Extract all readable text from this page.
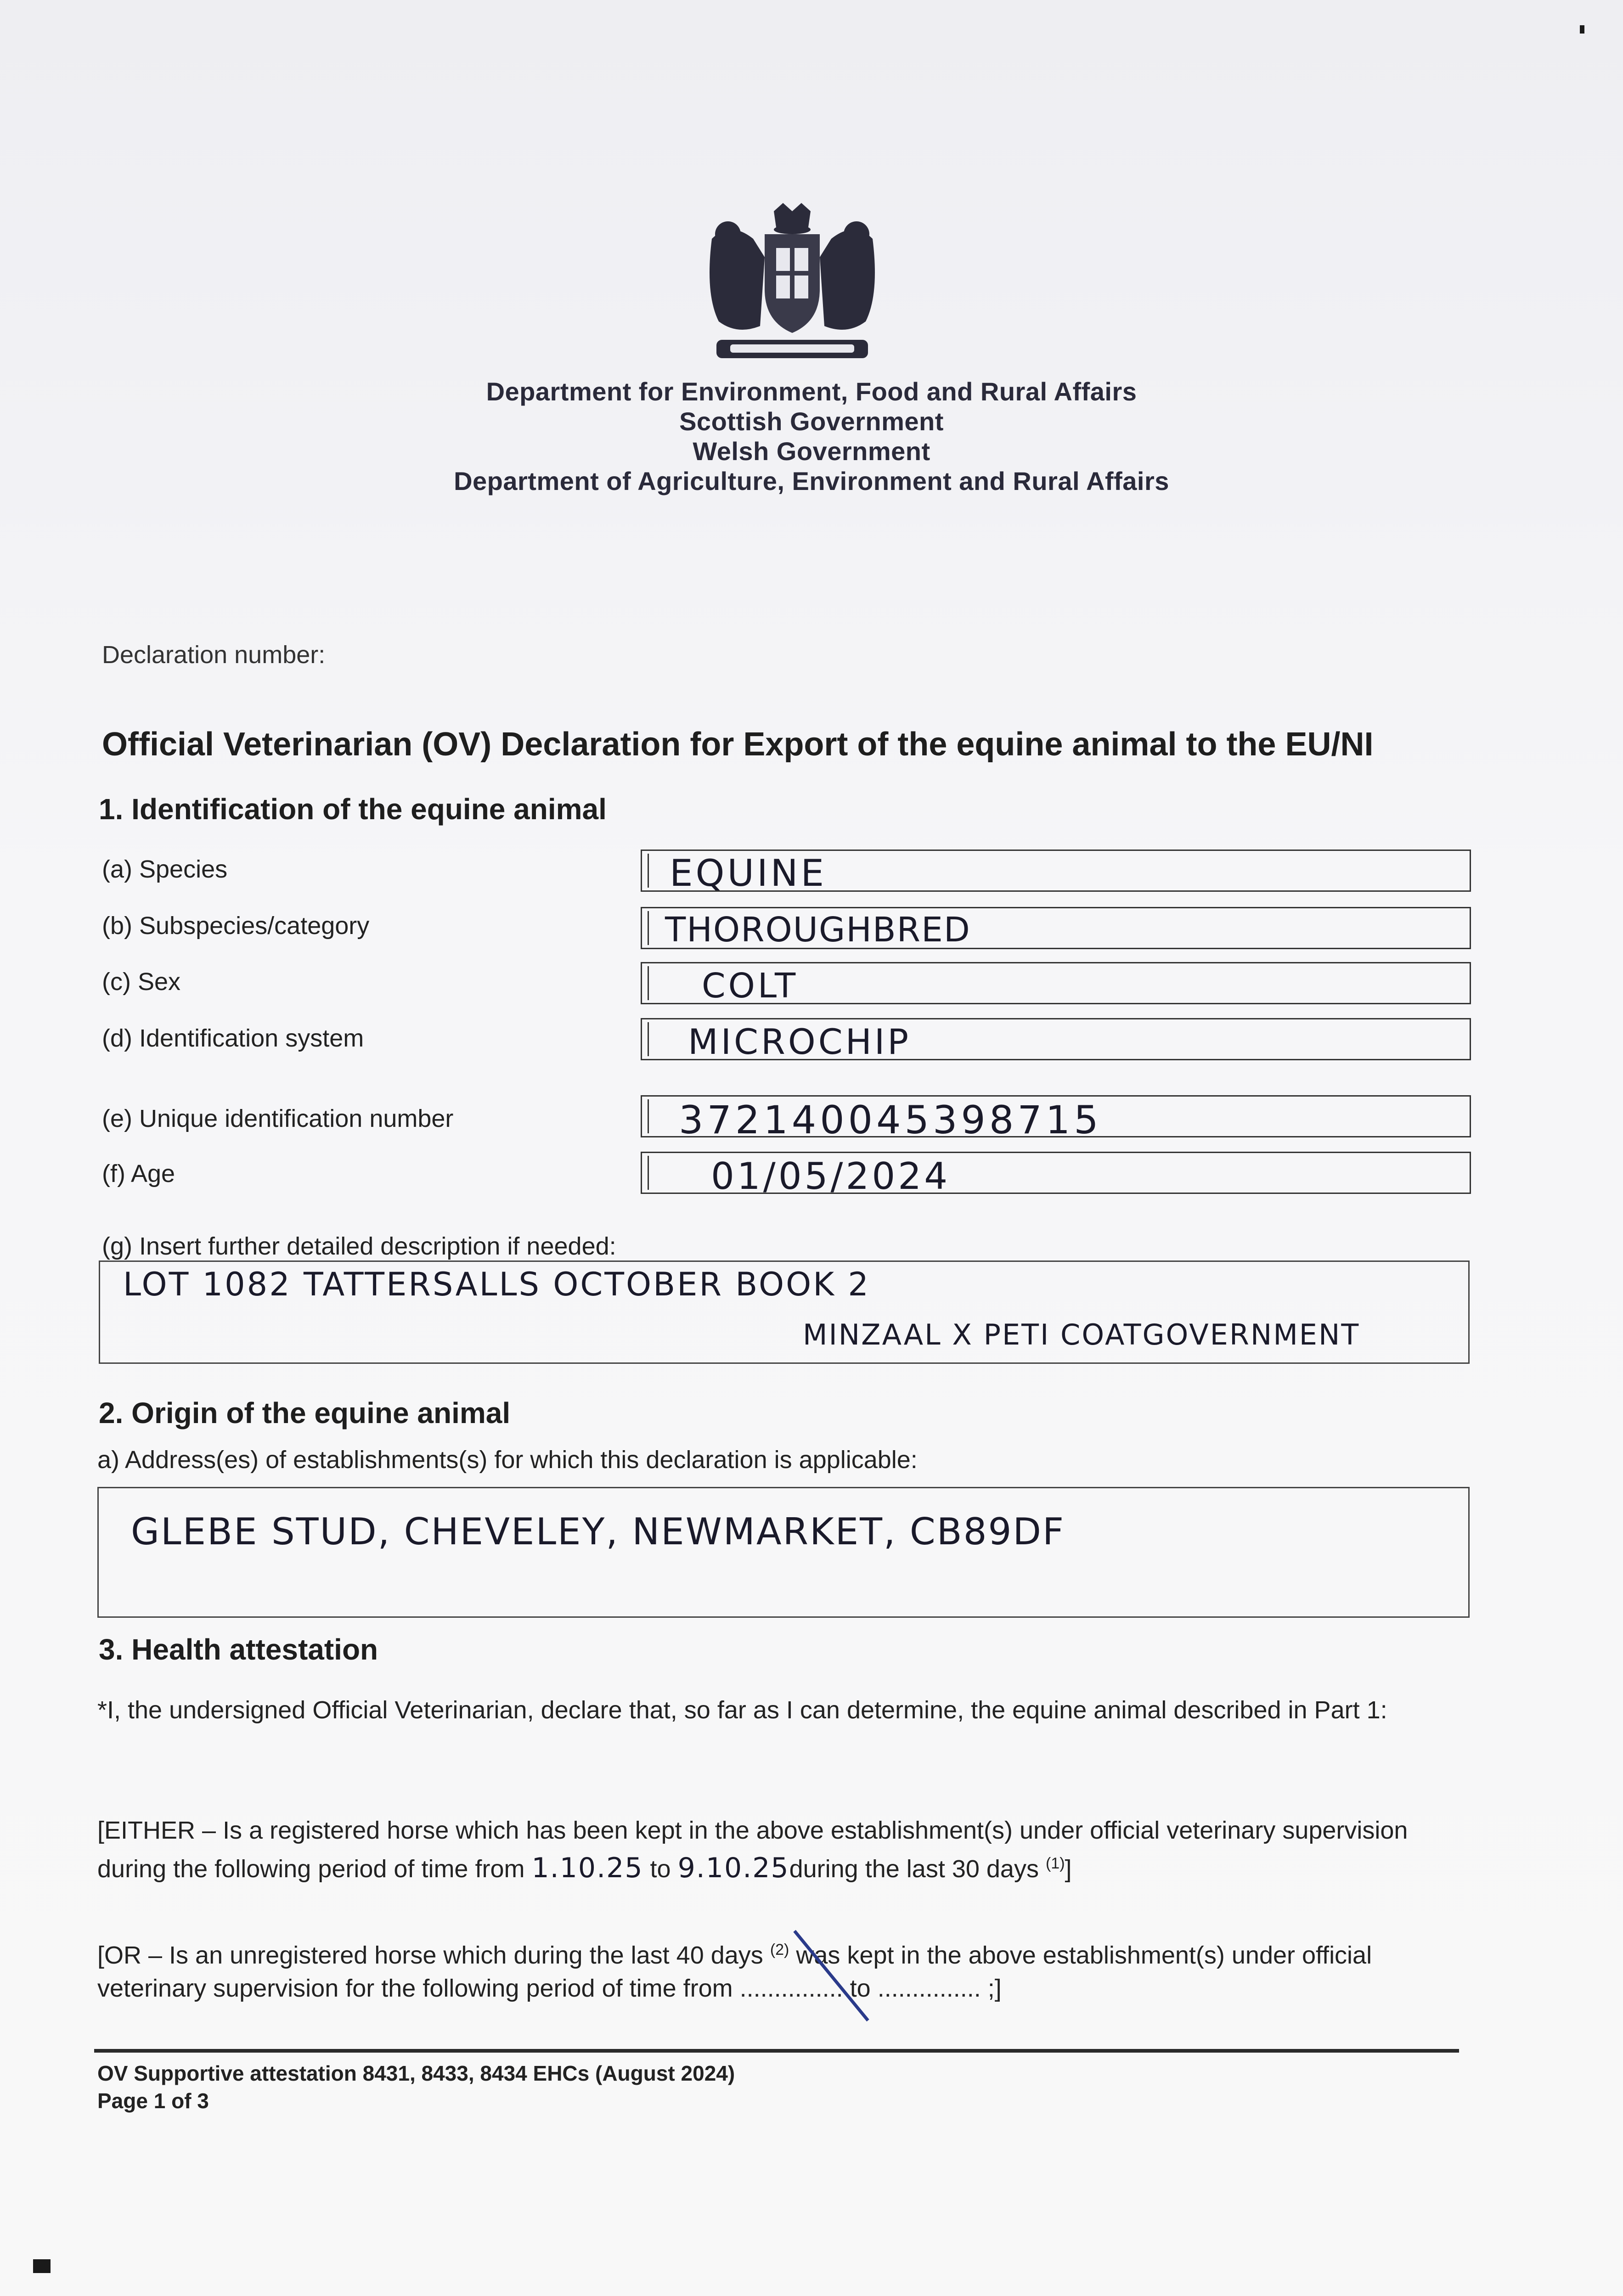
Department for Environment, Food and Rural Affairs
Scottish Government
Welsh Government
Department of Agriculture, Environment and Rural Affairs
Declaration number:
Official Veterinarian (OV) Declaration for Export of the equine animal to the EU/NI
1. Identification of the equine animal
(a) Species
(b) Subspecies/category
(c) Sex
(d) Identification system
(e) Unique identification number
(f) Age
EQUINE
THOROUGHBRED
COLT
MICROCHIP
372140045398715
01/05/2024
(g) Insert further detailed description if needed:
LOT 1082 TATTERSALLS OCTOBER BOOK 2
MINZAAL X PETI COATGOVERNMENT
2. Origin of the equine animal
a) Address(es) of establishments(s) for which this declaration is applicable:
GLEBE STUD, CHEVELEY, NEWMARKET, CB89DF
3. Health attestation
*I, the undersigned Official Veterinarian, declare that, so far as I can determine, the equine animal described in Part 1:
[EITHER – Is a registered horse which has been kept in the above establishment(s) under official veterinary supervision during the following period of time from 1.10.25 to 9.10.25during the last 30 days $^{(1)}$]
[OR – Is an unregistered horse which during the last 40 days $^{(2)}$ was kept in the above establishment(s) under official veterinary supervision for the following period of time from ............... to ............... ;]
OV Supportive attestation 8431, 8433, 8434 EHCs (August 2024)
Page 1 of 3
